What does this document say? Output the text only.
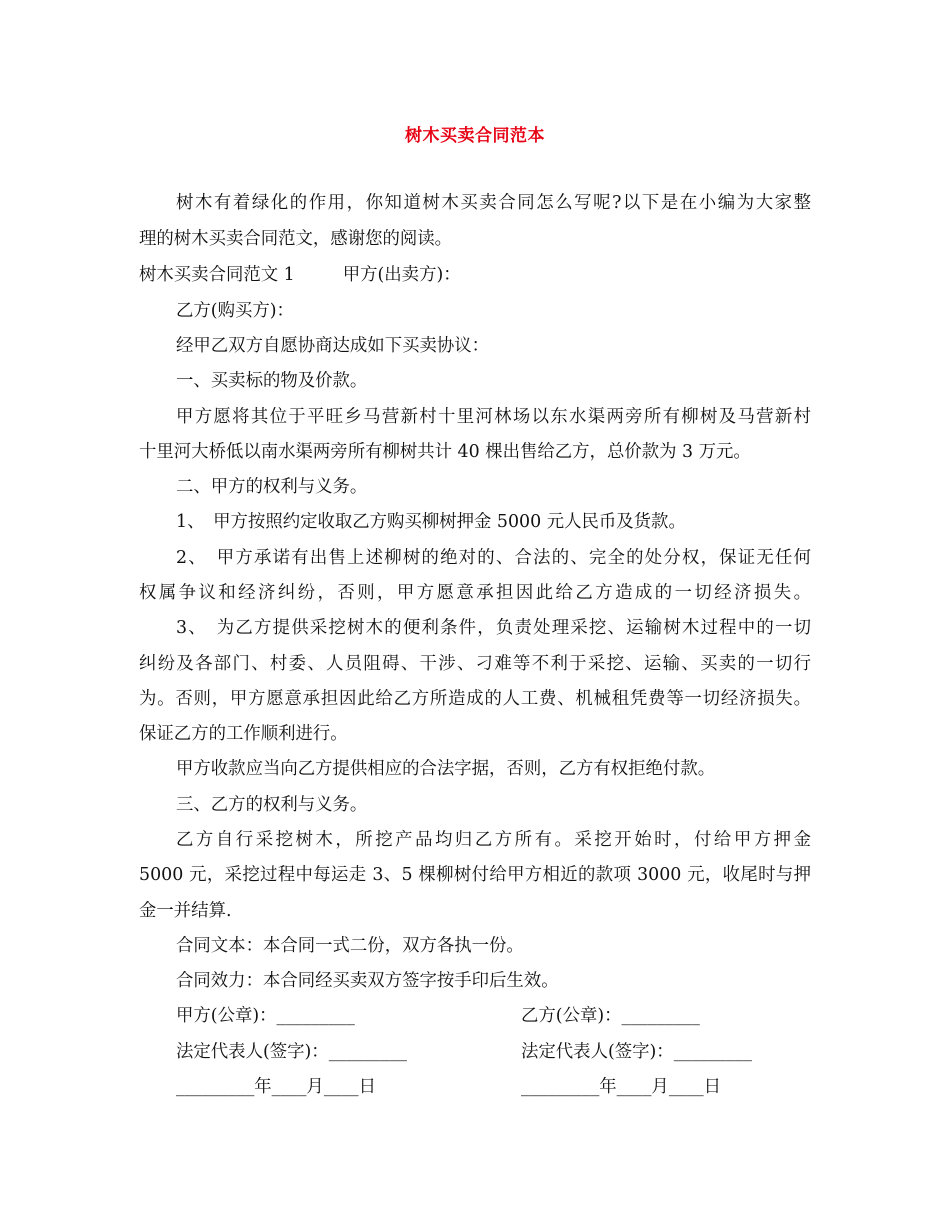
树木买卖合同范本
树木有着绿化的作用，你知道树木买卖合同怎么写呢?以下是在小编为大家整
理的树木买卖合同范文，感谢您的阅读。
树木买卖合同范文 1	甲方(出卖方)：
乙方(购买方)：
经甲乙双方自愿协商达成如下买卖协议：
一、买卖标的物及价款。
甲方愿将其位于平旺乡马营新村十里河林场以东水渠两旁所有柳树及马营新村
十里河大桥低以南水渠两旁所有柳树共计 40 棵出售给乙方，总价款为 3 万元。
二、甲方的权利与义务。
1、　甲方按照约定收取乙方购买柳树押金 5000 元人民币及货款。
2、　甲方承诺有出售上述柳树的绝对的、合法的、完全的处分权，保证无任何
权属争议和经济纠纷，否则，甲方愿意承担因此给乙方造成的一切经济损失。
3、　为乙方提供采挖树木的便利条件，负责处理采挖、运输树木过程中的一切
纠纷及各部门、村委、人员阻碍、干涉、刁难等不利于采挖、运输、买卖的一切行
为。否则，甲方愿意承担因此给乙方所造成的人工费、机械租凭费等一切经济损失。
保证乙方的工作顺利进行。
甲方收款应当向乙方提供相应的合法字据，否则，乙方有权拒绝付款。
三、乙方的权利与义务。
乙方自行采挖树木，所挖产品均归乙方所有。采挖开始时，付给甲方押金
5000 元，采挖过程中每运走 3、5 棵柳树付给甲方相近的款项 3000 元，收尾时与押
金一并结算.
合同文本：本合同一式二份，双方各执一份。
合同效力：本合同经买卖双方签字按手印后生效。
甲方(公章)：_________	乙方(公章)：_________
法定代表人(签字)：_________	法定代表人(签字)：_________
_________年____月____日	_________年____月____日
